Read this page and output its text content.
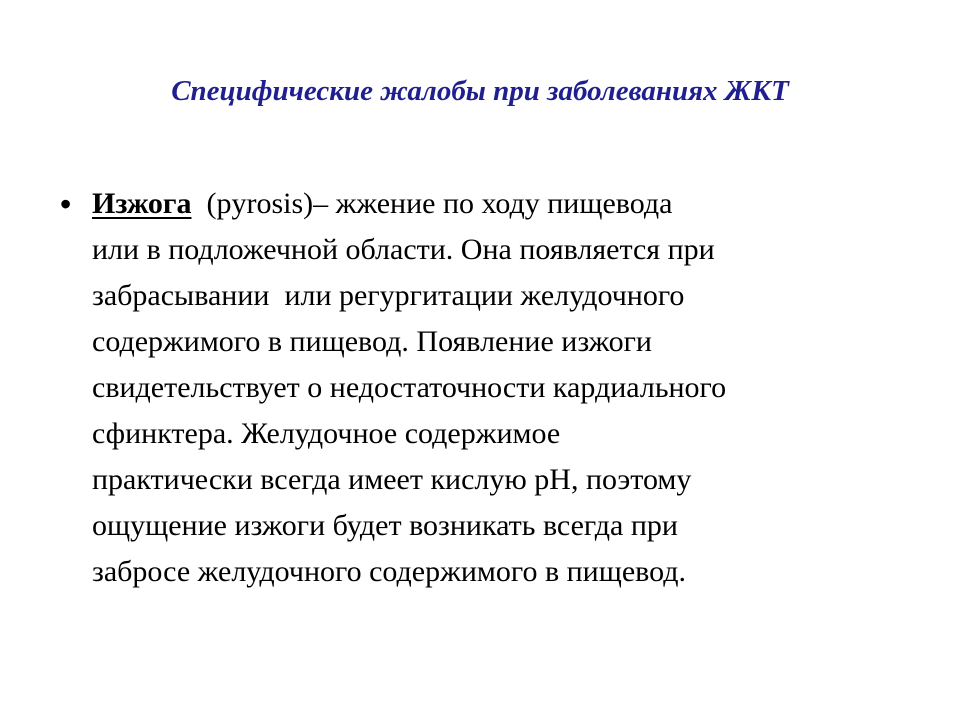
Специфические жалобы при заболеваниях ЖКТ
• Изжога  (pyrosis)– жжение по ходу пищевода
или в подложечной области. Она появляется при
забрасывании  или регургитации желудочного
содержимого в пищевод. Появление изжоги
свидетельствует о недостаточности кардиального
сфинктера. Желудочное содержимое
практически всегда имеет кислую pH, поэтому
ощущение изжоги будет возникать всегда при
забросе желудочного содержимого в пищевод.
